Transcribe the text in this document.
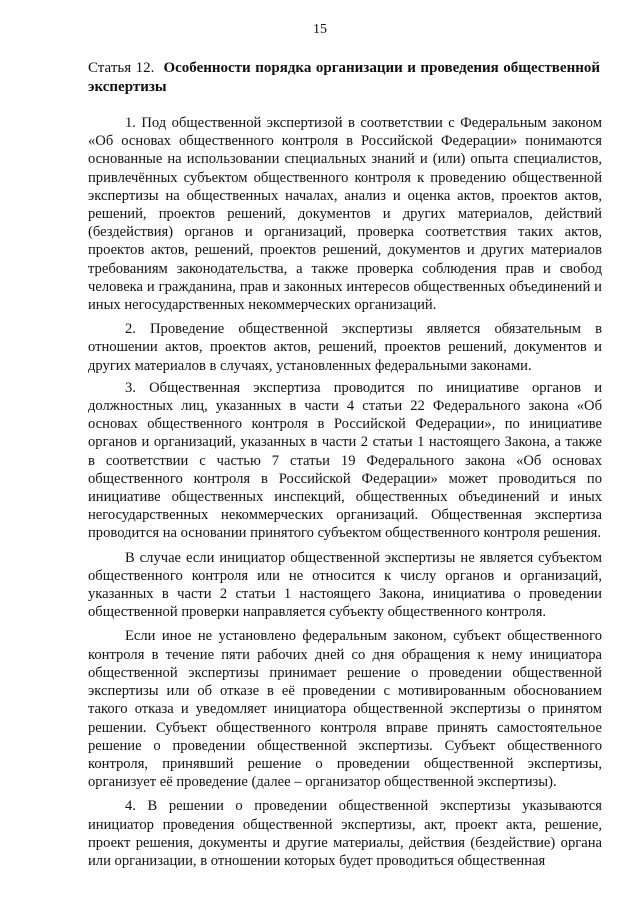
15

Статья 12. Особенности порядка организации и проведения общественной экспертизы

1. Под общественной экспертизой в соответствии с Федеральным законом «Об основах общественного контроля в Российской Федерации» понимаются основанные на использовании специальных знаний и (или) опыта специалистов, привлечённых субъектом общественного контроля к проведению общественной экспертизы на общественных началах, анализ и оценка актов, проектов актов, решений, проектов решений, документов и других материалов, действий (бездействия) органов и организаций, проверка соответствия таких актов, проектов актов, решений, проектов решений, документов и других материалов требованиям законодательства, а также проверка соблюдения прав и свобод человека и гражданина, прав и законных интересов общественных объединений и иных негосударственных некоммерческих организаций.

2. Проведение общественной экспертизы является обязательным в отношении актов, проектов актов, решений, проектов решений, документов и других материалов в случаях, установленных федеральными законами.

3. Общественная экспертиза проводится по инициативе органов и должностных лиц, указанных в части 4 статьи 22 Федерального закона «Об основах общественного контроля в Российской Федерации», по инициативе органов и организаций, указанных в части 2 статьи 1 настоящего Закона, а также в соответствии с частью 7 статьи 19 Федерального закона «Об основах общественного контроля в Российской Федерации» может проводиться по инициативе общественных инспекций, общественных объединений и иных негосударственных некоммерческих организаций. Общественная экспертиза проводится на основании принятого субъектом общественного контроля решения.

В случае если инициатор общественной экспертизы не является субъектом общественного контроля или не относится к числу органов и организаций, указанных в части 2 статьи 1 настоящего Закона, инициатива о проведении общественной проверки направляется субъекту общественного контроля.

Если иное не установлено федеральным законом, субъект общественного контроля в течение пяти рабочих дней со дня обращения к нему инициатора общественной экспертизы принимает решение о проведении общественной экспертизы или об отказе в её проведении с мотивированным обоснованием такого отказа и уведомляет инициатора общественной экспертизы о принятом решении. Субъект общественного контроля вправе принять самостоятельное решение о проведении общественной экспертизы. Субъект общественного контроля, принявший решение о проведении общественной экспертизы, организует её проведение (далее – организатор общественной экспертизы).

4. В решении о проведении общественной экспертизы указываются инициатор проведения общественной экспертизы, акт, проект акта, решение, проект решения, документы и другие материалы, действия (бездействие) органа или организации, в отношении которых будет проводиться общественная
